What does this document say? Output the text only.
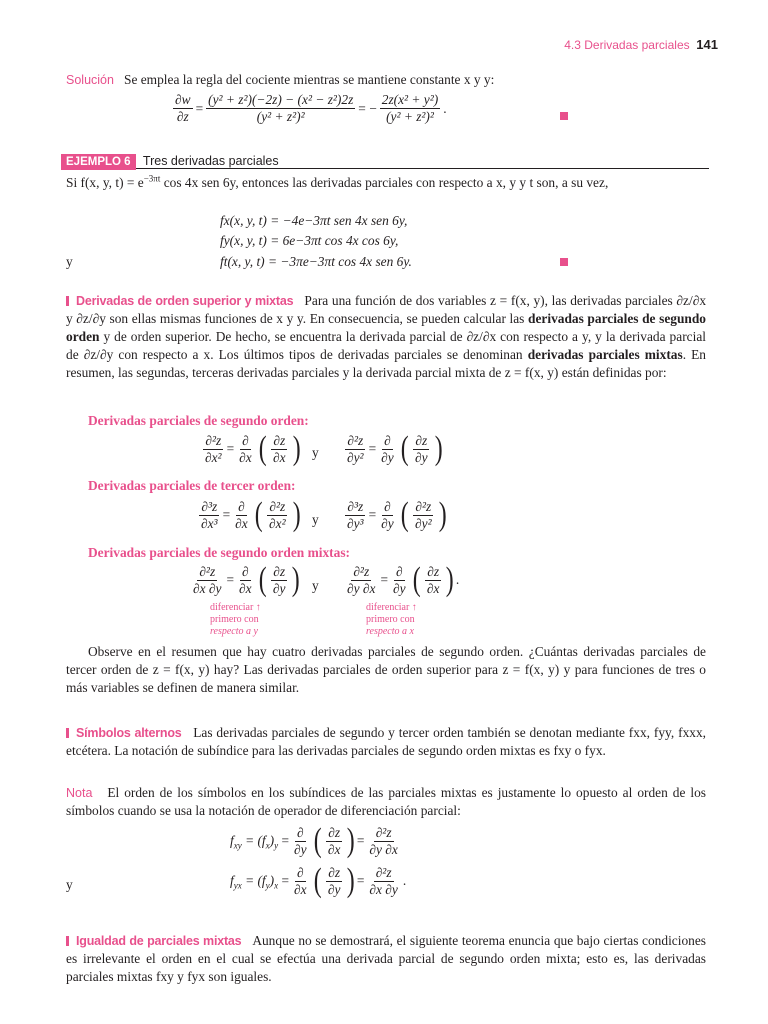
4.3 Derivadas parciales 141
Solución Se emplea la regla del cociente mientras se mantiene constante x y y:
$\frac{\partial w}{\partial z} = \frac{\text{(y² + z²)(−2z) − (x² − z²)2z}}{\text{(y² + z²)²}}$ = − $\frac{\text{2z(x² + y²)}}{\text{(y² + z²)²}}$ .
EJEMPLO 6 Tres derivadas parciales
Si f(x, y, $t) = e^{-3\pi t}$ cos 4x sen 6y, entonces las derivadas parciales con respecto a x, y y t son, a su vez,
fx(x, y, t) = −4e−3πt sen 4x sen 6y,
fy(x, y, t) = 6e−3πt cos 4x cos 6y,
y	ft(x, y, t) = −3πe−3πt cos 4x sen 6y.
Derivadas de orden superior y mixtas Para una función de dos variables z = f(x, y), las derivadas parciales ∂z/∂x y ∂z/∂y son ellas mismas funciones de x y y. En consecuencia, se pueden calcular las derivadas parciales de segundo orden y de orden superior. De hecho, se encuentra la derivada parcial de ∂z/∂x con respecto a y, y la derivada parcial de ∂z/∂y con respecto a x. Los últimos tipos de derivadas parciales se denominan derivadas parciales mixtas. En resumen, las segundas, terceras derivadas parciales y la derivada parcial mixta de z = f(x, y) están definidas por:
Derivadas parciales de segundo orden:
$\frac{\text{∂²z}}{\text{∂x²}} = \frac{\partial}{\partial x}$ ( $\frac{\partial z}{\partial x}$ ) y $\frac{\text{∂²z}}{\text{∂y²}} = \frac{\partial}{\partial y}$ ( $\frac{\partial z}{\partial y}$ )
Derivadas parciales de tercer orden:
$\frac{\text{∂³z}}{\text{∂x³}} = \frac{\partial}{\partial x}$ ( $\frac{\text{∂²z}}{\text{∂x²}}$ ) y $\frac{\text{∂³z}}{\text{∂y³}} = \frac{\partial}{\partial y}$ ( $\frac{\text{∂²z}}{\text{∂y²}}$ )
Derivadas parciales de segundo orden mixtas:
$\frac{\text{∂²z}}{\partial x \partial y} = \frac{\partial}{\partial x}$ ( $\frac{\partial z}{\partial y}$ ) y $\frac{\text{∂²z}}{\partial y \partial x} = \frac{\partial}{\partial y}$ ( $\frac{\partial z}{\partial x}$ ) .
diferenciar ↑
primero con
respecto a y
diferenciar ↑
primero con
respecto a x
Observe en el resumen que hay cuatro derivadas parciales de segundo orden. ¿Cuántas derivadas parciales de tercer orden de z = f(x, y) hay? Las derivadas parciales de orden superior para z = f(x, y) y para funciones de tres o más variables se definen de manera similar.
Símbolos alternos Las derivadas parciales de segundo y tercer orden también se denotan mediante fxx, fyy, fxxx, etcétera. La notación de subíndice para las derivadas parciales de segundo orden mixtas es fxy o fyx.
Nota El orden de los símbolos en los subíndices de las parciales mixtas es justamente lo opuesto al orden de los símbolos cuando se usa la notación de operador de diferenciación parcial:
$f_{xy} = (f_x)_y = \frac{\partial}{\partial y}$ ( $\frac{\partial z}{\partial x}$ ) = $\frac{\text{∂²z}}{\partial y \partial x}$
y	$f_{yx} = (f_y)_x = \frac{\partial}{\partial x}$ ( $\frac{\partial z}{\partial y}$ ) = $\frac{\text{∂²z}}{\partial x \partial y}$ .
Igualdad de parciales mixtas Aunque no se demostrará, el siguiente teorema enuncia que bajo ciertas condiciones es irrelevante el orden en el cual se efectúa una derivada parcial de segundo orden mixta; esto es, las derivadas parciales mixtas fxy y fyx son iguales.
